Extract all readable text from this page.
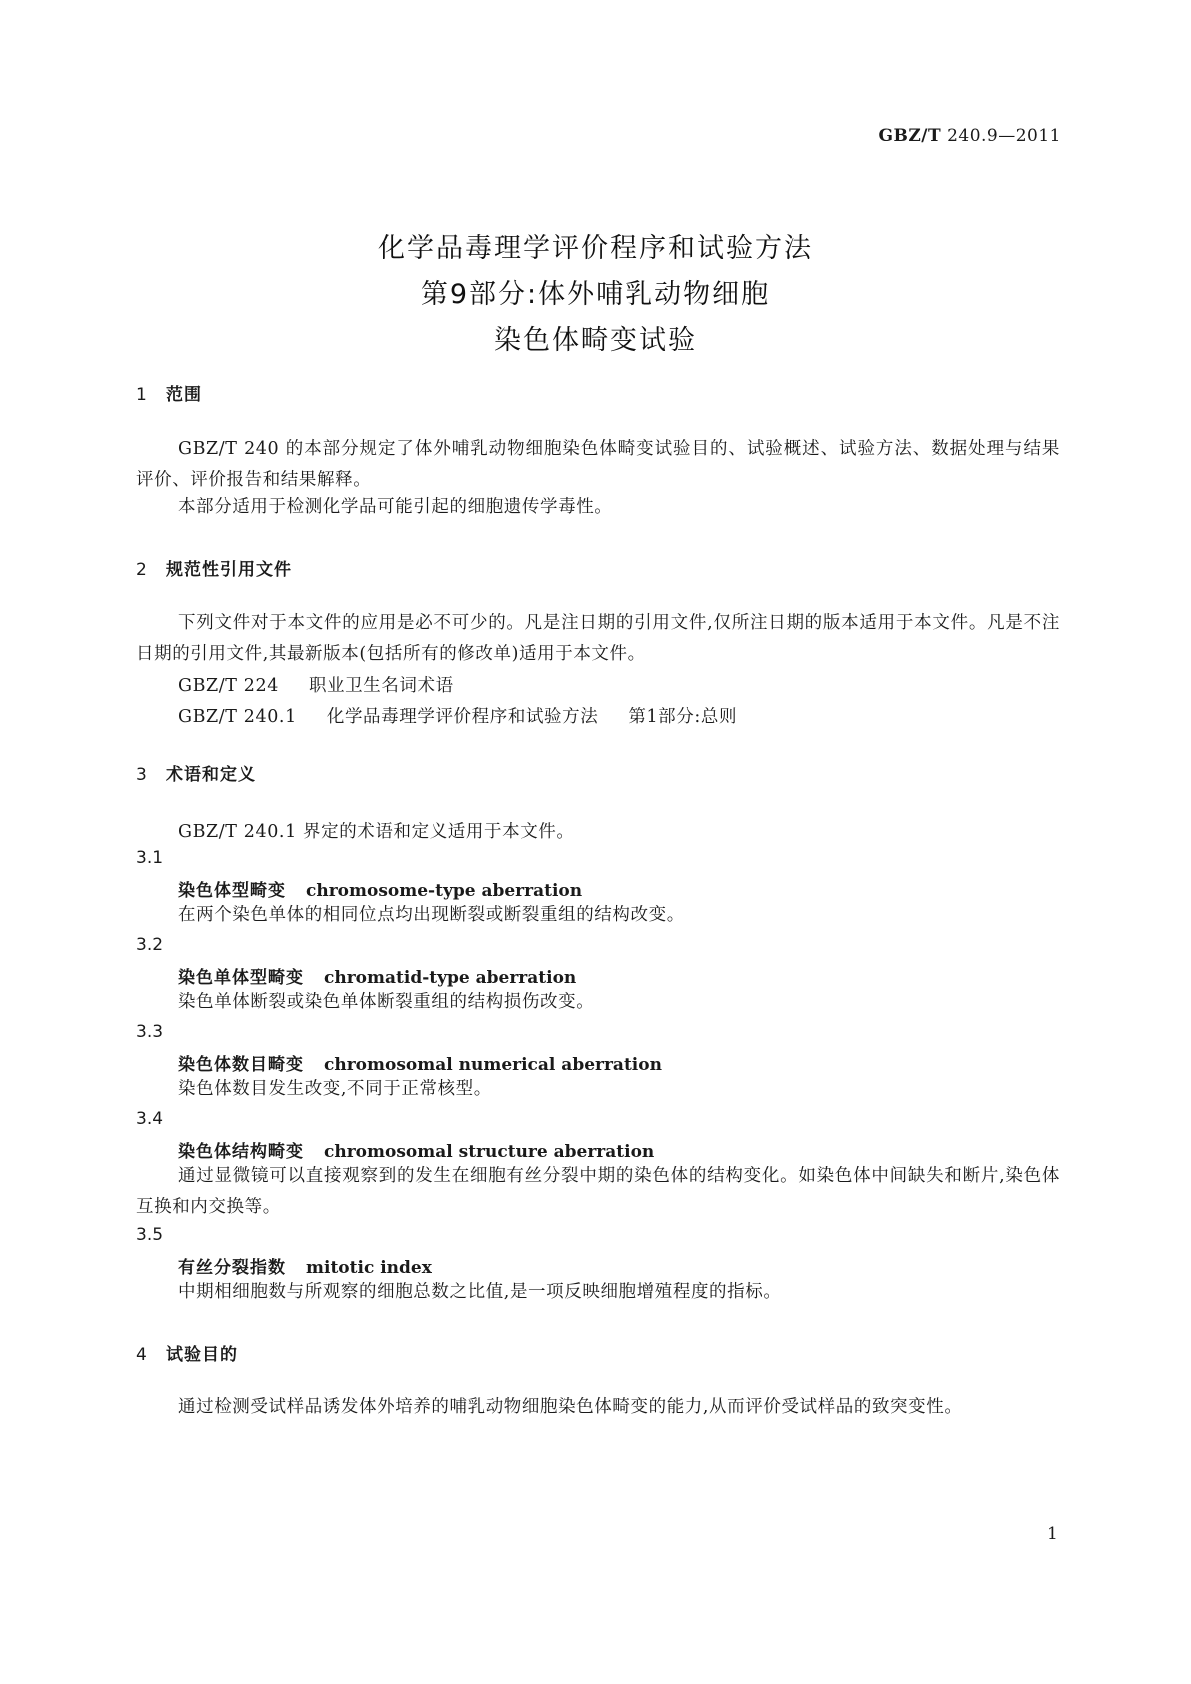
GBZ/T 240.9—2011
化学品毒理学评价程序和试验方法
第9部分:体外哺乳动物细胞
染色体畸变试验
1 范围
GBZ/T 240 的本部分规定了体外哺乳动物细胞染色体畸变试验目的、试验概述、试验方法、数据处理与结果评价、评价报告和结果解释。
本部分适用于检测化学品可能引起的细胞遗传学毒性。
2 规范性引用文件
下列文件对于本文件的应用是必不可少的。凡是注日期的引用文件,仅所注日期的版本适用于本文件。凡是不注日期的引用文件,其最新版本(包括所有的修改单)适用于本文件。
GBZ/T 224 职业卫生名词术语
GBZ/T 240.1 化学品毒理学评价程序和试验方法 第1部分:总则
3 术语和定义
GBZ/T 240.1 界定的术语和定义适用于本文件。
3.1
染色体型畸变 chromosome-type aberration
在两个染色单体的相同位点均出现断裂或断裂重组的结构改变。
3.2
染色单体型畸变 chromatid-type aberration
染色单体断裂或染色单体断裂重组的结构损伤改变。
3.3
染色体数目畸变 chromosomal numerical aberration
染色体数目发生改变,不同于正常核型。
3.4
染色体结构畸变 chromosomal structure aberration
通过显微镜可以直接观察到的发生在细胞有丝分裂中期的染色体的结构变化。如染色体中间缺失和断片,染色体互换和内交换等。
3.5
有丝分裂指数 mitotic index
中期相细胞数与所观察的细胞总数之比值,是一项反映细胞增殖程度的指标。
4 试验目的
通过检测受试样品诱发体外培养的哺乳动物细胞染色体畸变的能力,从而评价受试样品的致突变性。
1
